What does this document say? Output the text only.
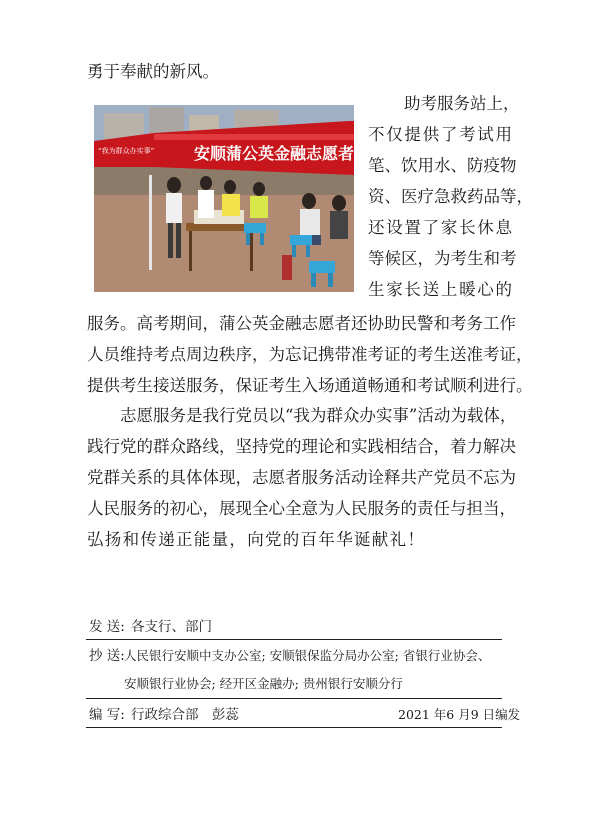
勇于奉献的新风。
安顺蒲公英金融志愿者 高考顺利
“我为群众办实事”
助考服务站上，
不仅提供了考试用
笔、饮用水、防疫物
资、医疗急救药品等，
还设置了家长休息
等候区，为考生和考
生家长送上暖心的
服务。高考期间，蒲公英金融志愿者还协助民警和考务工作
人员维持考点周边秩序，为忘记携带准考证的考生送准考证，
提供考生接送服务，保证考生入场通道畅通和考试顺利进行。
志愿服务是我行党员以“我为群众办实事”活动为载体，
践行党的群众路线，坚持党的理论和实践相结合，着力解决
党群关系的具体体现，志愿者服务活动诠释共产党员不忘为
人民服务的初心，展现全心全意为人民服务的责任与担当，
弘扬和传递正能量，向党的百年华诞献礼！
发 送: 各支行、部门
抄 送: 人民银行安顺中支办公室; 安顺银保监分局办公室; 省银行业协会、
安顺银行业协会; 经开区金融办; 贵州银行安顺分行
编 写: 行政综合部　彭蕊	2021 年6 月9 日编发
